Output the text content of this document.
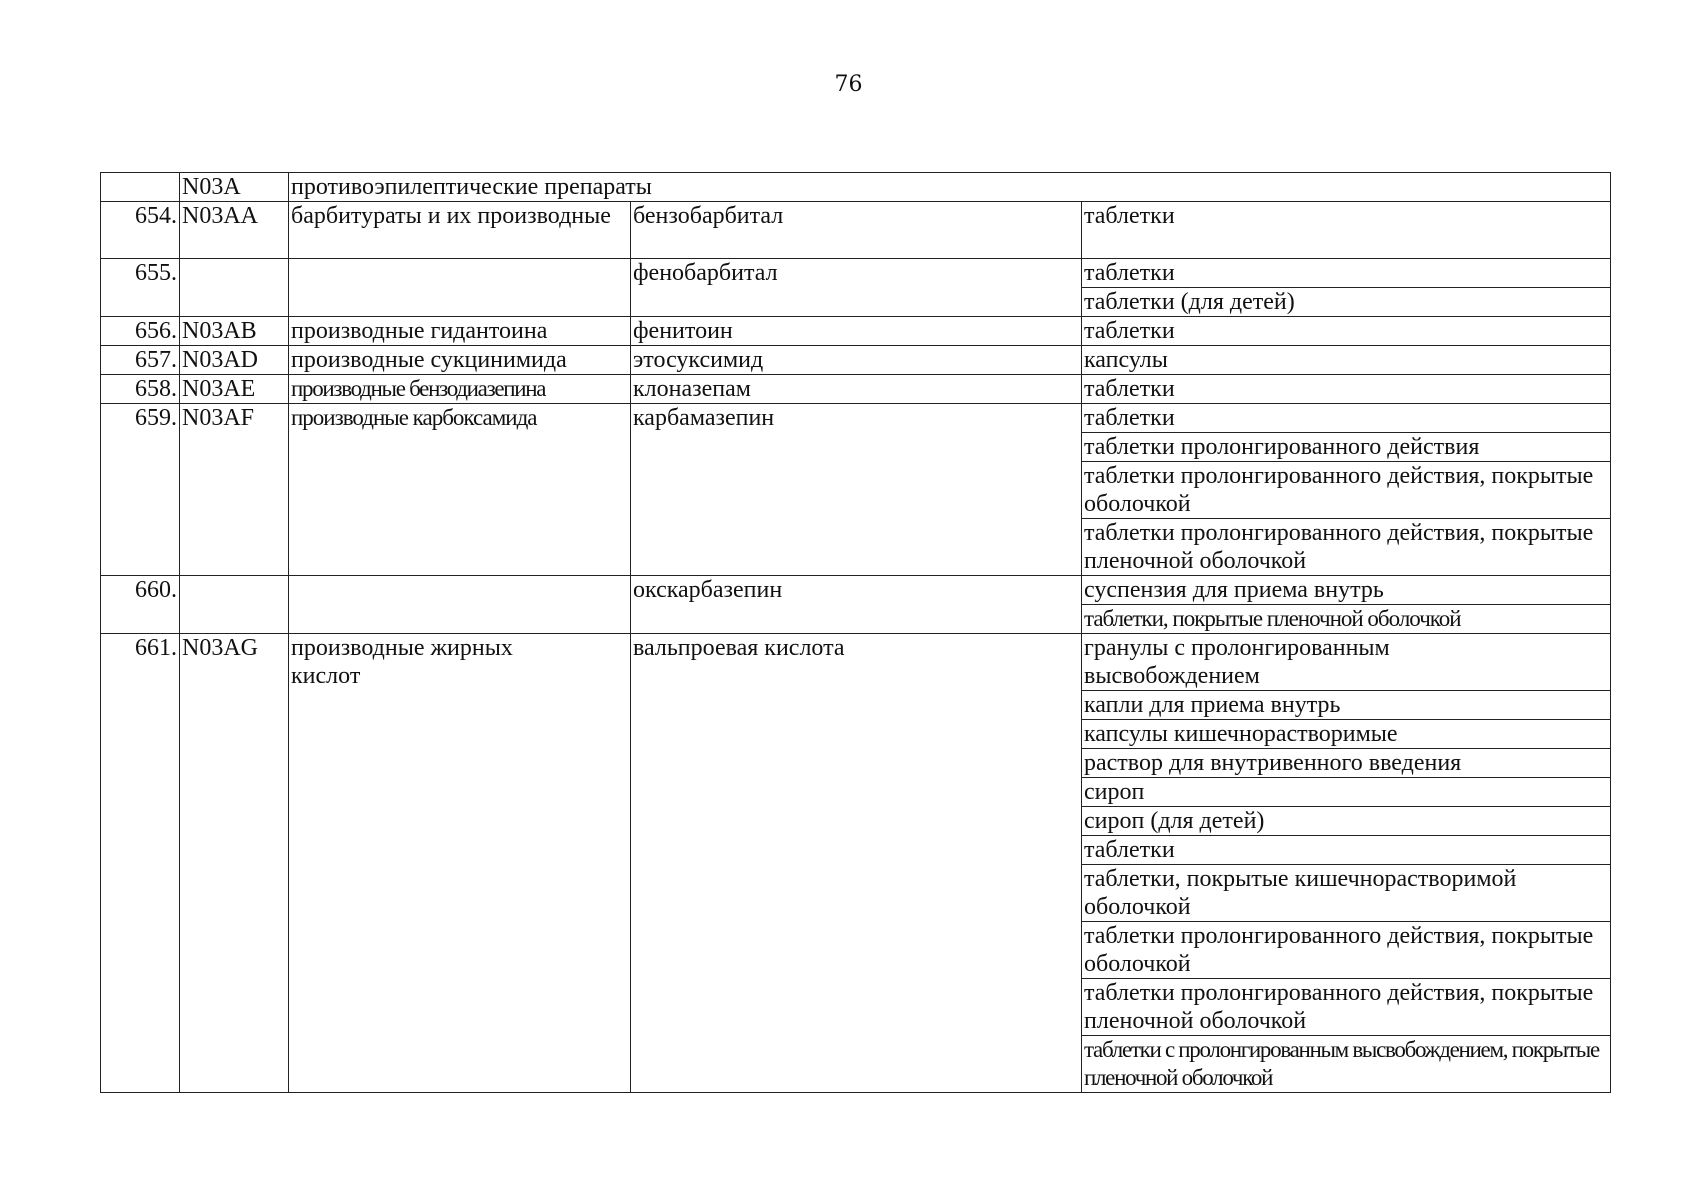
76
	N03A	противоэпилептические препараты		
654.	N03AA	барбитураты и их производные	бензобарбитал	таблетки
655.			фенобарбитал	таблетки
				таблетки (для детей)
656.	N03AB	производные гидантоина	фенитоин	таблетки
657.	N03AD	производные сукцинимида	этосуксимид	капсулы
658.	N03AE	производные бензодиазепина	клоназепам	таблетки
659.	N03AF	производные карбоксамида	карбамазепин	таблетки
				таблетки пролонгированного действия
				таблетки пролонгированного действия, покрытые оболочкой
				таблетки пролонгированного действия, покрытые пленочной оболочкой
660.			окскарбазепин	суспензия для приема внутрь
				таблетки, покрытые пленочной оболочкой
661.	N03AG	производные жирных кислот	вальпроевая кислота	гранулы с пролонгированным высвобождением
				капли для приема внутрь
				капсулы кишечнорастворимые
				раствор для внутривенного введения
				сироп
				сироп (для детей)
				таблетки
				таблетки, покрытые кишечнорастворимой оболочкой
				таблетки пролонгированного действия, покрытые оболочкой
				таблетки пролонгированного действия, покрытые пленочной оболочкой
				таблетки с пролонгированным высвобождением, покрытые пленочной оболочкой
